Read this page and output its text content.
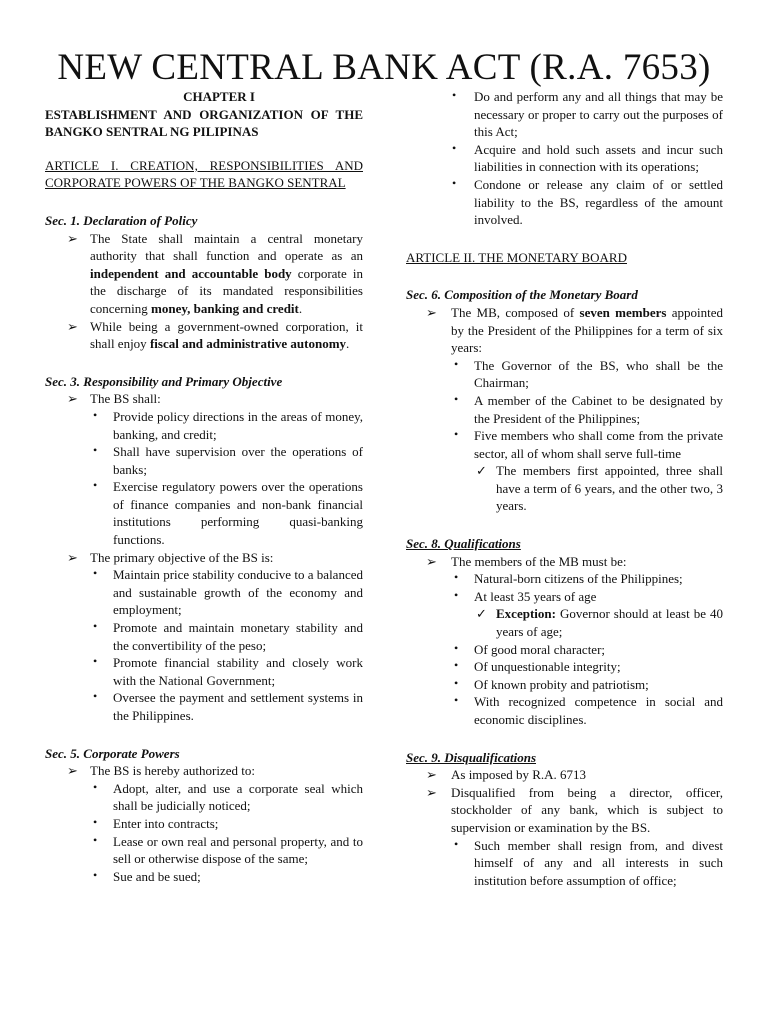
NEW CENTRAL BANK ACT (R.A. 7653)
CHAPTER I
ESTABLISHMENT AND ORGANIZATION OF THE BANGKO SENTRAL NG PILIPINAS
ARTICLE I. CREATION, RESPONSIBILITIES AND CORPORATE POWERS OF THE BANGKO SENTRAL
Sec. 1. Declaration of Policy
➢ The State shall maintain a central monetary authority that shall function and operate as an independent and accountable body corporate in the discharge of its mandated responsibilities concerning money, banking and credit.
➢ While being a government-owned corporation, it shall enjoy fiscal and administrative autonomy.
Sec. 3. Responsibility and Primary Objective
➢ The BS shall:
• Provide policy directions in the areas of money, banking, and credit;
• Shall have supervision over the operations of banks;
• Exercise regulatory powers over the operations of finance companies and non-bank financial institutions performing quasi-banking functions.
➢ The primary objective of the BS is:
• Maintain price stability conducive to a balanced and sustainable growth of the economy and employment;
• Promote and maintain monetary stability and the convertibility of the peso;
• Promote financial stability and closely work with the National Government;
• Oversee the payment and settlement systems in the Philippines.
Sec. 5. Corporate Powers
➢ The BS is hereby authorized to:
• Adopt, alter, and use a corporate seal which shall be judicially noticed;
• Enter into contracts;
• Lease or own real and personal property, and to sell or otherwise dispose of the same;
• Sue and be sued;
• Do and perform any and all things that may be necessary or proper to carry out the purposes of this Act;
• Acquire and hold such assets and incur such liabilities in connection with its operations;
• Condone or release any claim of or settled liability to the BS, regardless of the amount involved.
ARTICLE II. THE MONETARY BOARD
Sec. 6. Composition of the Monetary Board
➢ The MB, composed of seven members appointed by the President of the Philippines for a term of six years:
• The Governor of the BS, who shall be the Chairman;
• A member of the Cabinet to be designated by the President of the Philippines;
• Five members who shall come from the private sector, all of whom shall serve full-time
✓ The members first appointed, three shall have a term of 6 years, and the other two, 3 years.
Sec. 8. Qualifications
➢ The members of the MB must be:
• Natural-born citizens of the Philippines;
• At least 35 years of age
✓ Exception: Governor should at least be 40 years of age;
• Of good moral character;
• Of unquestionable integrity;
• Of known probity and patriotism;
• With recognized competence in social and economic disciplines.
Sec. 9. Disqualifications
➢ As imposed by R.A. 6713
➢ Disqualified from being a director, officer, stockholder of any bank, which is subject to supervision or examination by the BS.
• Such member shall resign from, and divest himself of any and all interests in such institution before assumption of office;
